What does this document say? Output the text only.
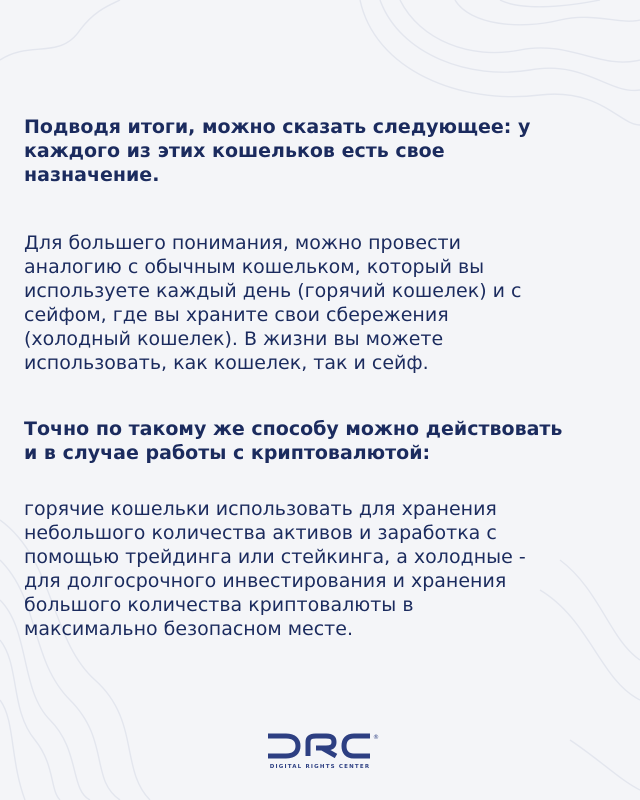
Подводя итоги, можно сказать следующее: у
каждого из этих кошельков есть свое
назначение.

Для большего понимания, можно провести
аналогию с обычным кошельком, который вы
используете каждый день (горячий кошелек) и с
сейфом, где вы храните свои сбережения
(холодный кошелек). В жизни вы можете
использовать, как кошелек, так и сейф.

Точно по такому же способу можно действовать
и в случае работы с криптовалютой:

горячие кошельки использовать для хранения
небольшого количества активов и заработка с
помощью трейдинга или стейкинга, а холодные -
для долгосрочного инвестирования и хранения
большого количества криптовалюты в
максимально безопасном месте.

®
DIGITAL RIGHTS CENTER
